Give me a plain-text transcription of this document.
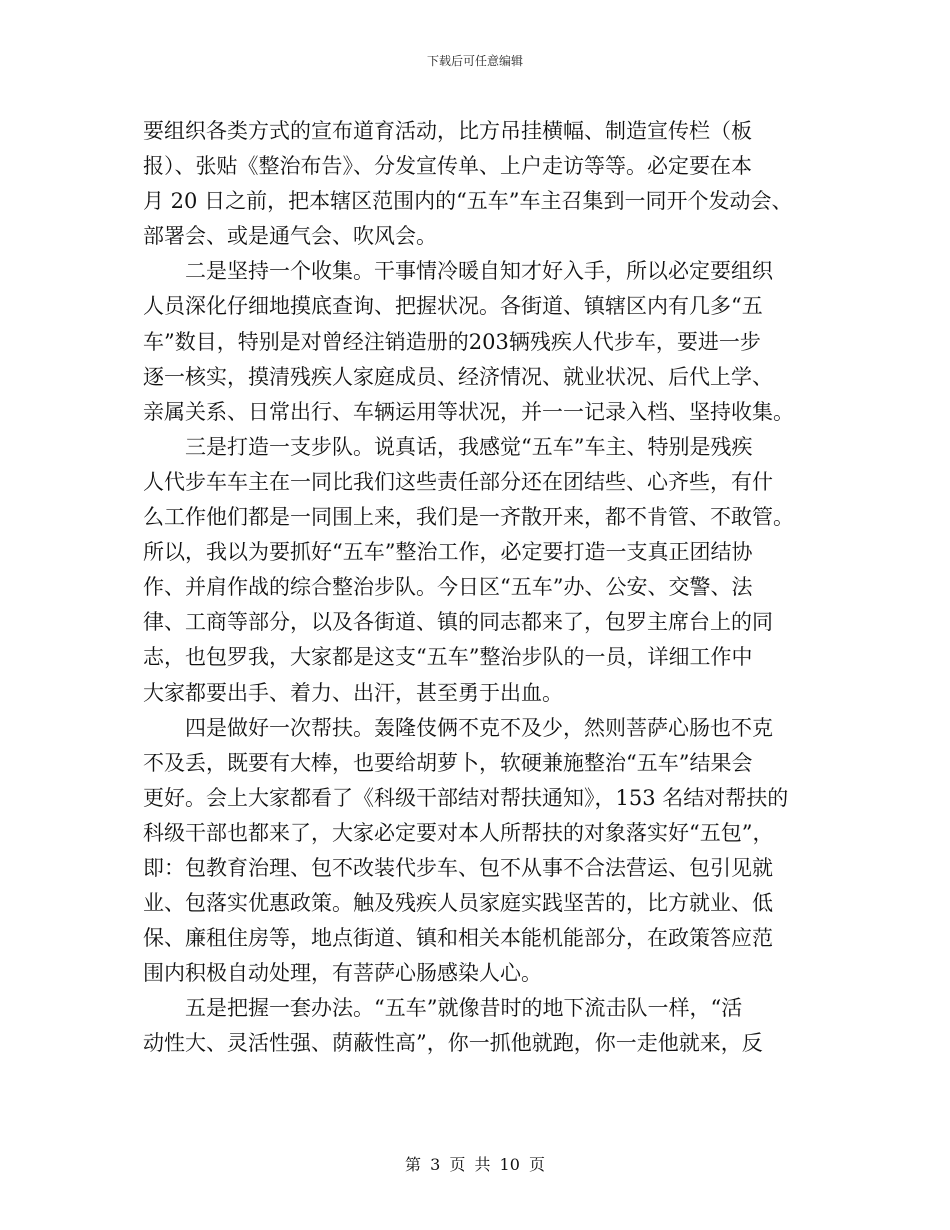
下载后可任意编辑
要组织各类方式的宣布道育活动，比方吊挂横幅、制造宣传栏（板
报）、张贴《整治布告》、分发宣传单、上户走访等等。必定要在本
月 20 日之前，把本辖区范围内的“五车”车主召集到一同开个发动会、
部署会、或是通气会、吹风会。
　　二是坚持一个收集。干事情冷暖自知才好入手，所以必定要组织
人员深化仔细地摸底查询、把握状况。各街道、镇辖区内有几多“五
车”数目，特别是对曾经注销造册的203辆残疾人代步车，要进一步
逐一核实，摸清残疾人家庭成员、经济情况、就业状况、后代上学、
亲属关系、日常出行、车辆运用等状况，并一一记录入档、坚持收集。
　　三是打造一支步队。说真话，我感觉“五车”车主、特别是残疾
人代步车车主在一同比我们这些责任部分还在团结些、心齐些，有什
么工作他们都是一同围上来，我们是一齐散开来，都不肯管、不敢管。
所以，我以为要抓好“五车”整治工作，必定要打造一支真正团结协
作、并肩作战的综合整治步队。今日区“五车”办、公安、交警、法
律、工商等部分，以及各街道、镇的同志都来了，包罗主席台上的同
志，也包罗我，大家都是这支“五车”整治步队的一员，详细工作中
大家都要出手、着力、出汗，甚至勇于出血。
　　四是做好一次帮扶。轰隆伎俩不克不及少，然则菩萨心肠也不克
不及丢，既要有大棒，也要给胡萝卜，软硬兼施整治“五车”结果会
更好。会上大家都看了《科级干部结对帮扶通知》，153 名结对帮扶的
科级干部也都来了，大家必定要对本人所帮扶的对象落实好“五包”，
即：包教育治理、包不改装代步车、包不从事不合法营运、包引见就
业、包落实优惠政策。触及残疾人员家庭实践坚苦的，比方就业、低
保、廉租住房等，地点街道、镇和相关本能机能部分，在政策答应范
围内积极自动处理，有菩萨心肠感染人心。
　　五是把握一套办法。“五车”就像昔时的地下流击队一样，“活
动性大、灵活性强、荫蔽性高”，你一抓他就跑，你一走他就来，反
第 3 页 共 10 页
